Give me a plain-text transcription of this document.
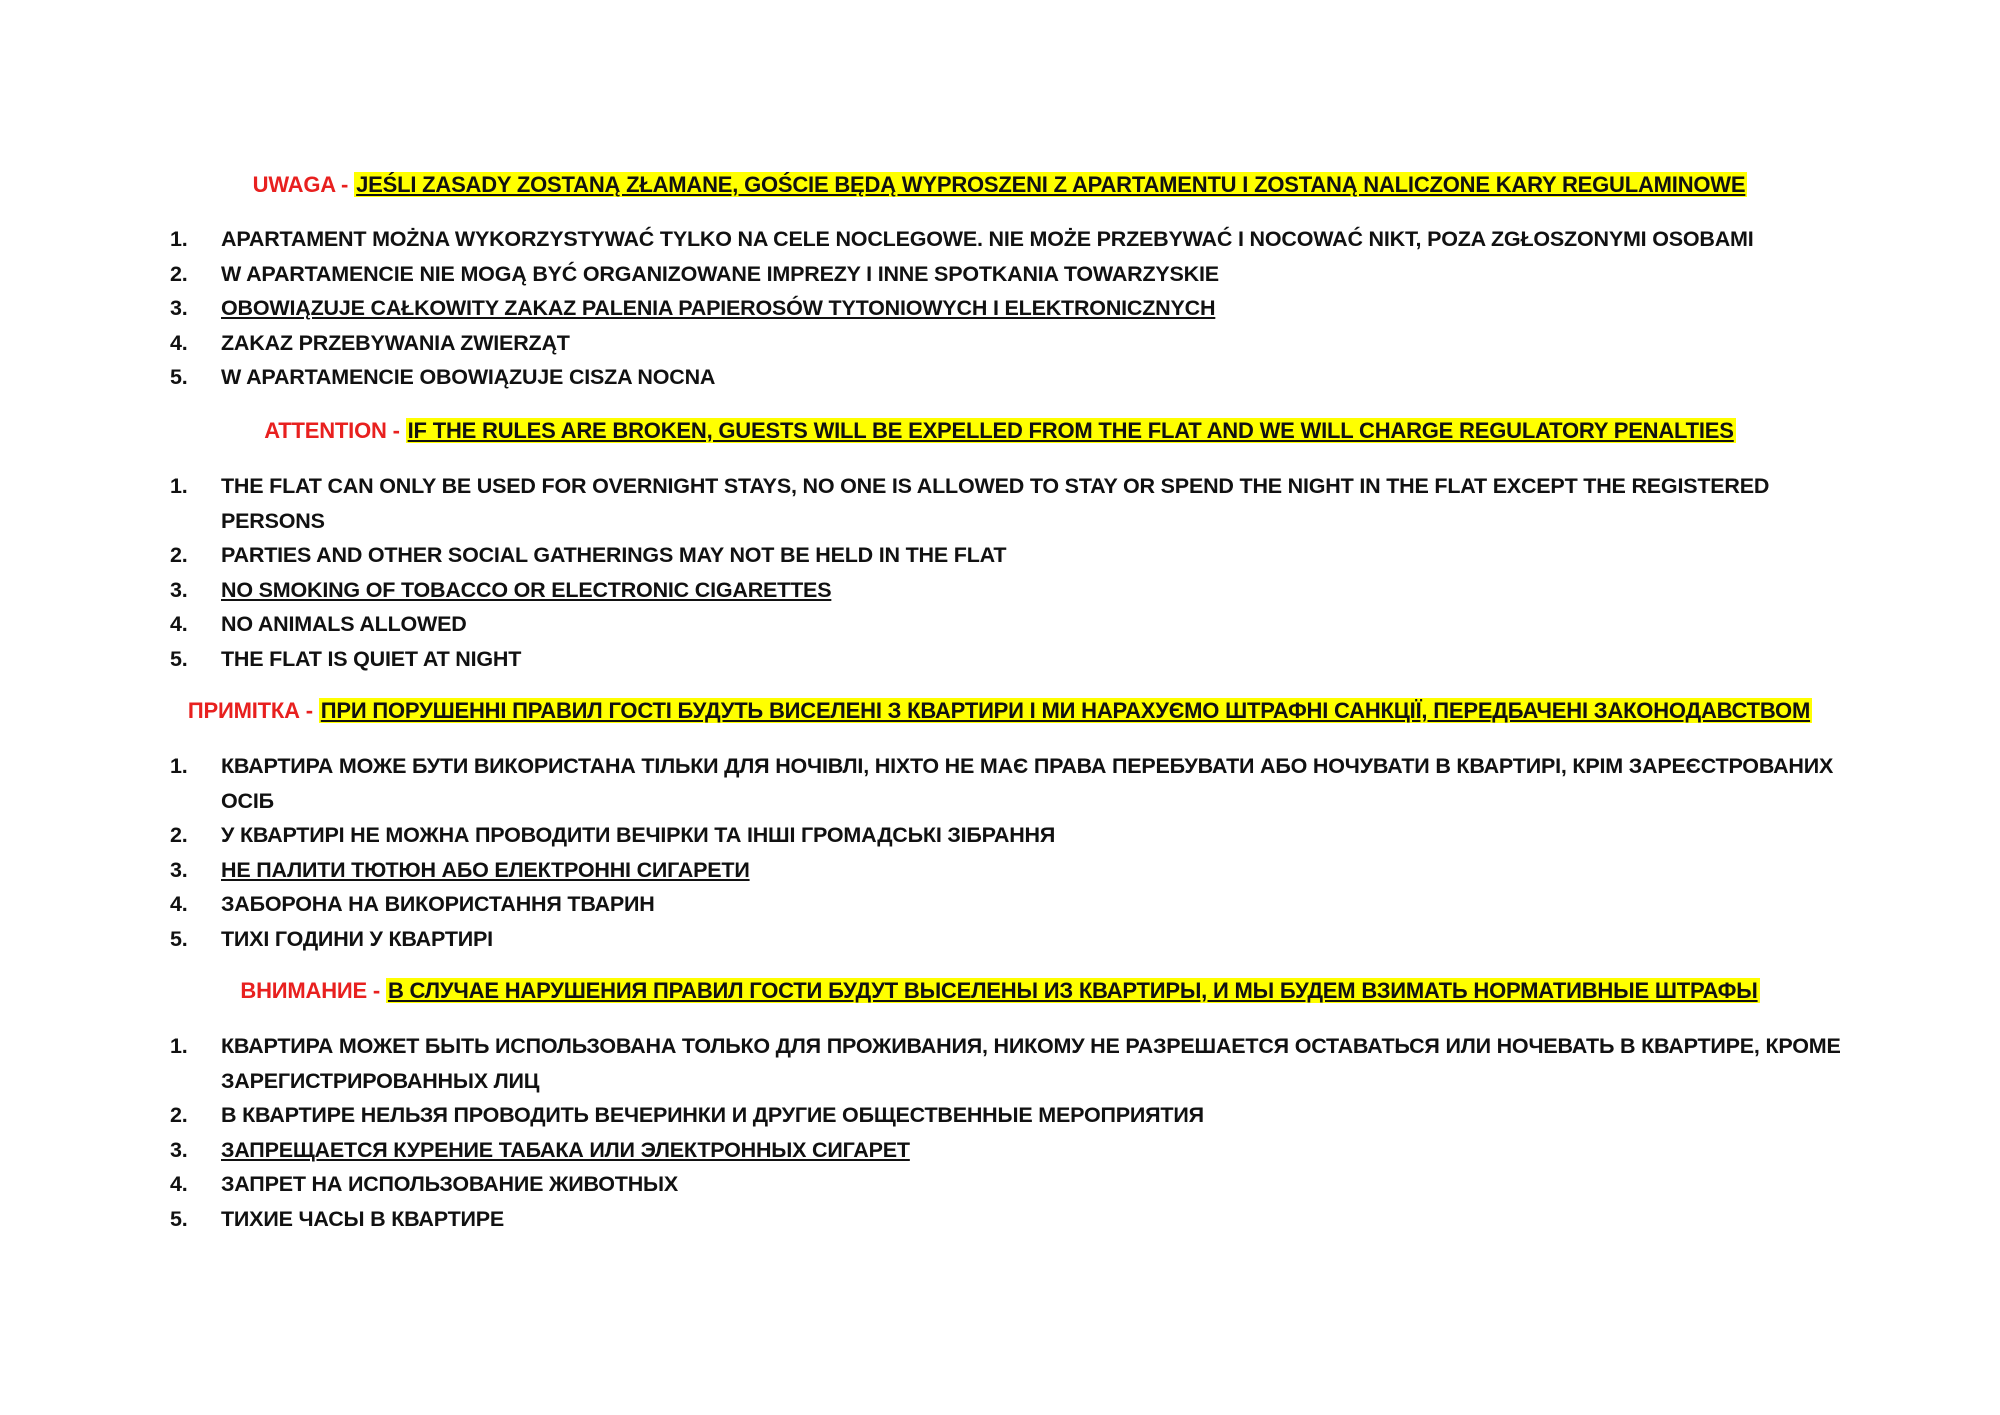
UWAGA - JEŚLI ZASADY ZOSTANĄ ZŁAMANE, GOŚCIE BĘDĄ WYPROSZENI Z APARTAMENTU I ZOSTANĄ NALICZONE KARY REGULAMINOWE
1.	APARTAMENT MOŻNA WYKORZYSTYWAĆ TYLKO NA CELE NOCLEGOWE. NIE MOŻE PRZEBYWAĆ I NOCOWAĆ NIKT, POZA ZGŁOSZONYMI OSOBAMI
2.	W APARTAMENCIE NIE MOGĄ BYĆ ORGANIZOWANE IMPREZY I INNE SPOTKANIA TOWARZYSKIE
3.	OBOWIĄZUJE CAŁKOWITY ZAKAZ PALENIA PAPIEROSÓW TYTONIOWYCH I ELEKTRONICZNYCH
4.	ZAKAZ PRZEBYWANIA ZWIERZĄT
5.	W APARTAMENCIE OBOWIĄZUJE CISZA NOCNA
ATTENTION - IF THE RULES ARE BROKEN, GUESTS WILL BE EXPELLED FROM THE FLAT AND WE WILL CHARGE REGULATORY PENALTIES
1.	THE FLAT CAN ONLY BE USED FOR OVERNIGHT STAYS, NO ONE IS ALLOWED TO STAY OR SPEND THE NIGHT IN THE FLAT EXCEPT THE REGISTERED PERSONS
2.	PARTIES AND OTHER SOCIAL GATHERINGS MAY NOT BE HELD IN THE FLAT
3.	NO SMOKING OF TOBACCO OR ELECTRONIC CIGARETTES
4.	NO ANIMALS ALLOWED
5.	THE FLAT IS QUIET AT NIGHT
ПРИМІТКА - ПРИ ПОРУШЕННІ ПРАВИЛ ГОСТІ БУДУТЬ ВИСЕЛЕНІ З КВАРТИРИ І МИ НАРАХУЄМО ШТРАФНІ САНКЦІЇ, ПЕРЕДБАЧЕНІ ЗАКОНОДАВСТВОМ
1.	КВАРТИРА МОЖЕ БУТИ ВИКОРИСТАНА ТІЛЬКИ ДЛЯ НОЧІВЛІ, НІХТО НЕ МАЄ ПРАВА ПЕРЕБУВАТИ АБО НОЧУВАТИ В КВАРТИРІ, КРІМ ЗАРЕЄСТРОВАНИХ ОСІБ
2.	У КВАРТИРІ НЕ МОЖНА ПРОВОДИТИ ВЕЧІРКИ ТА ІНШІ ГРОМАДСЬКІ ЗІБРАННЯ
3.	НЕ ПАЛИТИ ТЮТЮН АБО ЕЛЕКТРОННІ СИГАРЕТИ
4.	ЗАБОРОНА НА ВИКОРИСТАННЯ ТВАРИН
5.	ТИХІ ГОДИНИ У КВАРТИРІ
ВНИМАНИЕ - В СЛУЧАЕ НАРУШЕНИЯ ПРАВИЛ ГОСТИ БУДУТ ВЫСЕЛЕНЫ ИЗ КВАРТИРЫ, И МЫ БУДЕМ ВЗИМАТЬ НОРМАТИВНЫЕ ШТРАФЫ
1.	КВАРТИРА МОЖЕТ БЫТЬ ИСПОЛЬЗОВАНА ТОЛЬКО ДЛЯ ПРОЖИВАНИЯ, НИКОМУ НЕ РАЗРЕШАЕТСЯ ОСТАВАТЬСЯ ИЛИ НОЧЕВАТЬ В КВАРТИРЕ, КРОМЕ ЗАРЕГИСТРИРОВАННЫХ ЛИЦ
2.	В КВАРТИРЕ НЕЛЬЗЯ ПРОВОДИТЬ ВЕЧЕРИНКИ И ДРУГИЕ ОБЩЕСТВЕННЫЕ МЕРОПРИЯТИЯ
3.	ЗАПРЕЩАЕТСЯ КУРЕНИЕ ТАБАКА ИЛИ ЭЛЕКТРОННЫХ СИГАРЕТ
4.	ЗАПРЕТ НА ИСПОЛЬЗОВАНИЕ ЖИВОТНЫХ
5.	ТИХИЕ ЧАСЫ В КВАРТИРЕ
